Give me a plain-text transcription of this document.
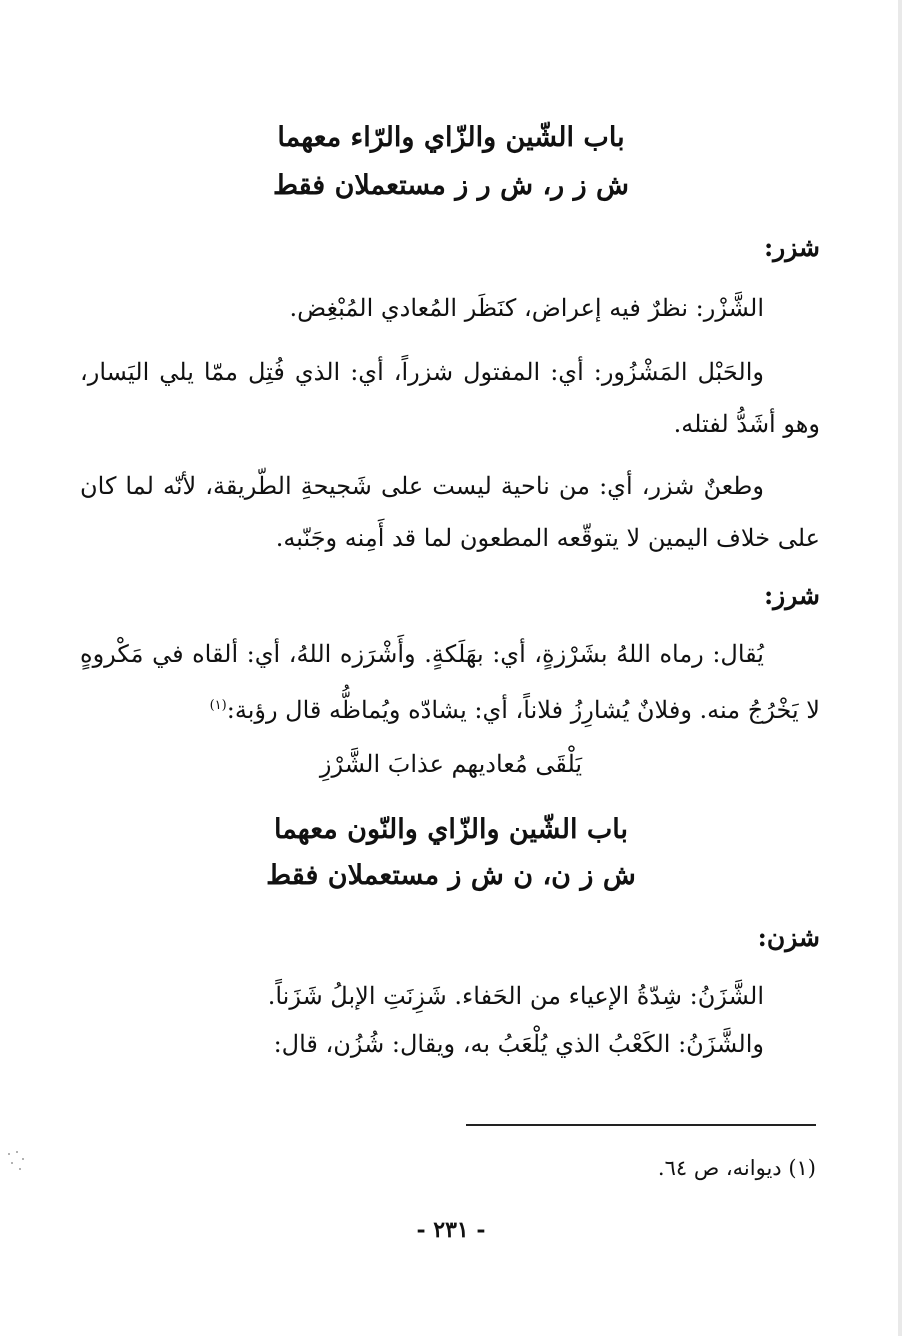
باب الشّين والزّاي والرّاء معهما
ش ز ر، ش ر ز مستعملان فقط
شزر:
الشَّزْر: نظرٌ فيه إعراض، كنَظَر المُعادي المُبْغِض.
والحَبْل المَشْزُور: أي: المفتول شزراً، أي: الذي فُتِل ممّا يلي اليَسار،
وهو أشَدُّ لفتله.
وطعنٌ شزر، أي: من ناحية ليست على شَجيحةِ الطّريقة، لأنّه لما كان
على خلاف اليمين لا يتوقّعه المطعون لما قد أَمِنه وجَنّبه.
شرز:
يُقال: رماه اللهُ بشَرْزةٍ، أي: بهَلَكةٍ. وأَشْرَزه اللهُ، أي: ألقاه في مَكْروهٍ
لا يَخْرُجُ منه. وفلانٌ يُشارِزُ فلاناً، أي: يشادّه ويُماظُّه قال رؤبة:$^{(١)}$
يَلْقَى مُعاديهم عذابَ الشَّرْزِ
باب الشّين والزّاي والنّون معهما
ش ز ن، ن ش ز مستعملان فقط
شزن:
الشَّزَنُ: شِدّةُ الإعياء من الحَفاء. شَزِنَتِ الإبلُ شَزَناً.
والشَّزَنُ: الكَعْبُ الذي يُلْعَبُ به، ويقال: شُزُن، قال:
(١) ديوانه، ص ٦٤.
- ٢٣١ -
